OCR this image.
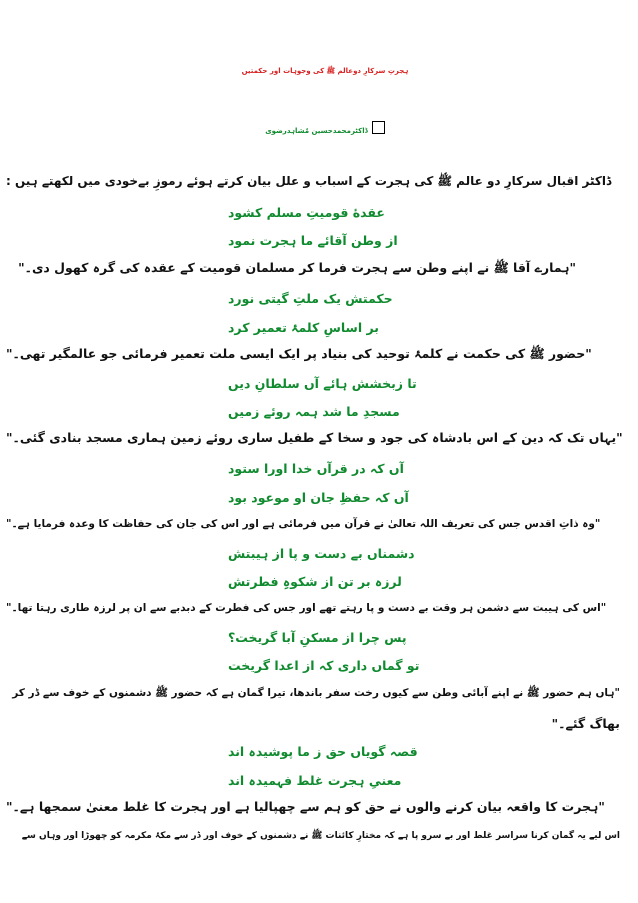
ہجرتِ سرکارِ دوعالم ﷺ کی وجوہات اور حکمتیں
ڈاکٹرمحمدحسین مُشاہدرضوی
ڈاکٹر اقبال سرکارِ دو عالم ﷺ کی ہجرت کے اسباب و علل بیان کرتے ہوئے رموزِ بےخودی میں لکھتے ہیں :
عقدهٔ قومیتِ مسلم کشود
از وطن آقائے ما ہجرت نمود
"ہمارے آقا ﷺ نے اپنے وطن سے ہجرت فرما کر مسلمان قومیت کے عقدہ کی گرہ کھول دی۔"
حکمتش یک ملتِ گیتی نورد
بر اساسِ کلمۂ تعمیر کرد
"حضور ﷺ کی حکمت نے کلمۂ توحید کی بنیاد پر ایک ایسی ملت تعمیر فرمائی جو عالمگیر تھی۔"
تا زبخشش ہائے آں سلطانِ دیں
مسجدِ ما شد ہمہ روئے زمیں
"یہاں تک کہ دین کے اس بادشاہ کی جود و سخا کے طفیل ساری روئے زمین ہماری مسجد بنادی گئی۔"
آں کہ در قرآں خدا اورا ستود
آں کہ حفظِ جان او موعود بود
"وہ ذاتِ اقدس جس کی تعریف اللہ تعالیٰ نے قرآن میں فرمائی ہے اور اس کی جان کی حفاظت کا وعدہ فرمایا ہے۔"
دشمناں بے دست و پا از ہیبتش
لرزہ بر تن از شکوہِ فطرتش
"اس کی ہیبت سے دشمن ہر وقت بے دست و پا رہتے تھے اور جس کی فطرت کے دبدبے سے ان پر لرزہ طاری رہتا تھا۔"
پس چرا از مسکنِ آبا گریخت؟
تو گماں داری کہ از اعدا گریخت
"ہاں ہم حضور ﷺ نے اپنے آبائی وطن سے کیوں رخت سفر باندھا، تیرا گمان ہے کہ حضور ﷺ دشمنوں کے خوف سے ڈر کر
بھاگ گئے۔"
قصہ گویاں حق ز ما پوشیدہ اند
معنیِ ہجرت غلط فہمیدہ اند
"ہجرت کا واقعہ بیان کرنے والوں نے حق کو ہم سے چھپالیا ہے اور ہجرت کا غلط معنیٰ سمجھا ہے۔"
اس لیے یہ گمان کرنا سراسر غلط اور بے سرو پا ہے کہ مختارِ کائنات ﷺ نے دشمنوں کے خوف اور ڈر سے مکۂ مکرمہ کو چھوڑا اور وہاں سے
